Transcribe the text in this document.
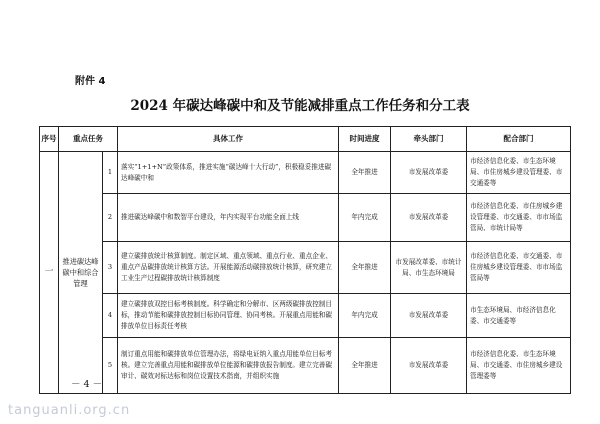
附件 4
2024 年碳达峰碳中和及节能减排重点工作任务和分工表
序号	重点任务		具体工作	时间进度	牵头部门	配合部门
一	推进碳达峰碳中和综合管理	1	落实“1+1+N”政策体系，推进实施“碳达峰十大行动”，积极稳妥推进碳达峰碳中和	全年推进	市发展改革委	市经济信息化委、市生态环境局、市住房城乡建设管理委、市交通委等
		2	推进碳达峰碳中和数智平台建设，年内实现平台功能全面上线	年内完成	市发展改革委	市经济信息化委、市住房城乡建设管理委、市交通委、市市场监管局、市统计局等
		3	建立碳排放统计核算制度。制定区域、重点领域、重点行业、重点企业、重点产品碳排放统计核算方法。开展能源活动碳排放统计核算，研究建立工业生产过程碳排放统计核算制度	全年推进	市发展改革委、市统计局、市生态环境局	市经济信息化委、市交通委、市住房城乡建设管理委、市市场监管局等
		4	建立碳排放双控目标考核制度。科学确定和分解市、区两级碳排放控制目标，推动节能和碳排放控制目标协同管理、协同考核。开展重点用能和碳排放单位目标责任考核	年内完成	市发展改革委	市生态环境局、市经济信息化委、市交通委等
		5	制订重点用能和碳排放单位管理办法，将绿电证纳入重点用能单位目标考核。建立完善重点用能和碳排放单位能源和碳排放报告制度。建立完善碳审计、碳效对标达标和岗位设置技术指南，并组织实施	全年推进	市发展改革委	市经济信息化委、市生态环境局、市交通委、市住房城乡建设管理委等
－ 4 －
tanguanli.org.cn
